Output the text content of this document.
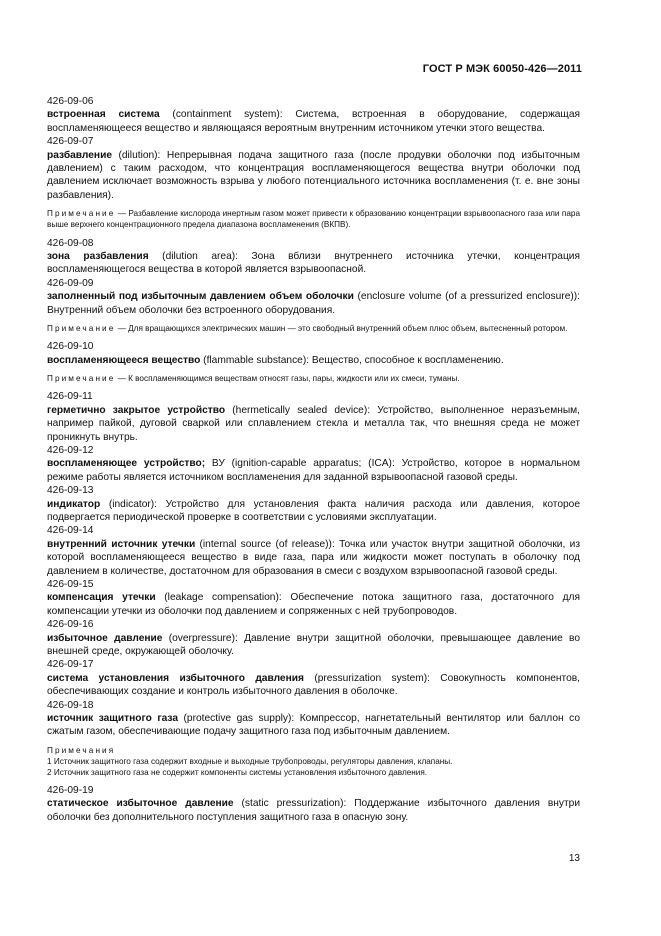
ГОСТ Р МЭК 60050-426—2011
426-09-06
встроенная система (containment system): Система, встроенная в оборудование, содержащая воспламеняющееся вещество и являющаяся вероятным внутренним источником утечки этого вещества.
426-09-07
разбавление (dilution): Непрерывная подача защитного газа (после продувки оболочки под избыточным давлением) с таким расходом, что концентрация воспламеняющегося вещества внутри оболочки под давлением исключает возможность взрыва у любого потенциального источника воспламенения (т. е. вне зоны разбавления).
Примечание — Разбавление кислорода инертным газом может привести к образованию концентрации взрывоопасного газа или пара выше верхнего концентрационного предела диапазона воспламенения (ВКПВ).
426-09-08
зона разбавления (dilution area): Зона вблизи внутреннего источника утечки, концентрация воспламеняющегося вещества в которой является взрывоопасной.
426-09-09
заполненный под избыточным давлением объем оболочки (enclosure volume (of a pressurized enclosure)): Внутренний объем оболочки без встроенного оборудования.
Примечание — Для вращающихся электрических машин — это свободный внутренний объем плюс объем, вытесненный ротором.
426-09-10
воспламеняющееся вещество (flammable substance): Вещество, способное к воспламенению.
Примечание — К воспламеняющимся веществам относят газы, пары, жидкости или их смеси, туманы.
426-09-11
герметично закрытое устройство (hermetically sealed device): Устройство, выполненное неразъемным, например пайкой, дуговой сваркой или сплавлением стекла и металла так, что внешняя среда не может проникнуть внутрь.
426-09-12
воспламеняющее устройство; ВУ (ignition-capable apparatus; (ICA): Устройство, которое в нормальном режиме работы является источником воспламенения для заданной взрывоопасной газовой среды.
426-09-13
индикатор (indicator): Устройство для установления факта наличия расхода или давления, которое подвергается периодической проверке в соответствии с условиями эксплуатации.
426-09-14
внутренний источник утечки (internal source (of release)): Точка или участок внутри защитной оболочки, из которой воспламеняющееся вещество в виде газа, пара или жидкости может поступать в оболочку под давлением в количестве, достаточном для образования в смеси с воздухом взрывоопасной газовой среды.
426-09-15
компенсация утечки (leakage compensation): Обеспечение потока защитного газа, достаточного для компенсации утечки из оболочки под давлением и сопряженных с ней трубопроводов.
426-09-16
избыточное давление (overpressure): Давление внутри защитной оболочки, превышающее давление во внешней среде, окружающей оболочку.
426-09-17
система установления избыточного давления (pressurization system): Совокупность компонентов, обеспечивающих создание и контроль избыточного давления в оболочке.
426-09-18
источник защитного газа (protective gas supply): Компрессор, нагнетательный вентилятор или баллон со сжатым газом, обеспечивающие подачу защитного газа под избыточным давлением.
Примечания
1 Источник защитного газа содержит входные и выходные трубопроводы, регуляторы давления, клапаны.
2 Источник защитного газа не содержит компоненты системы установления избыточного давления.
426-09-19
статическое избыточное давление (static pressurization): Поддержание избыточного давления внутри оболочки без дополнительного поступления защитного газа в опасную зону.
13
